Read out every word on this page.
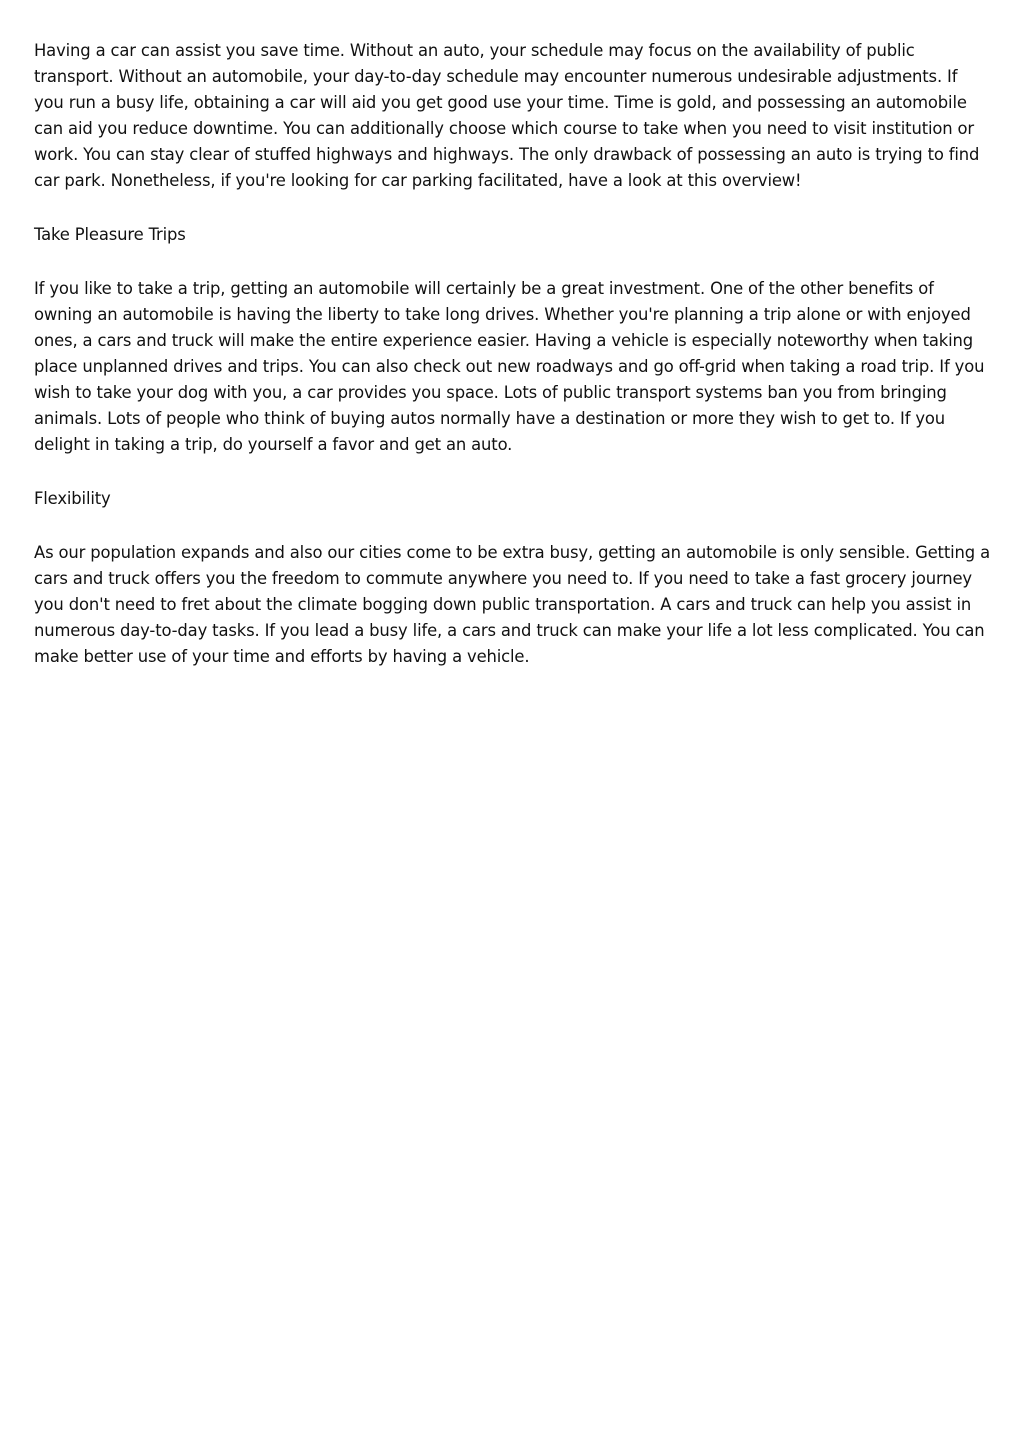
Having a car can assist you save time. Without an auto, your schedule may focus on the availability of public transport. Without an automobile, your day-to-day schedule may encounter numerous undesirable adjustments. If you run a busy life, obtaining a car will aid you get good use your time. Time is gold, and possessing an automobile can aid you reduce downtime. You can additionally choose which course to take when you need to visit institution or work. You can stay clear of stuffed highways and highways. The only drawback of possessing an auto is trying to find car park. Nonetheless, if you're looking for car parking facilitated, have a look at this overview!

Take Pleasure Trips

If you like to take a trip, getting an automobile will certainly be a great investment. One of the other benefits of owning an automobile is having the liberty to take long drives. Whether you're planning a trip alone or with enjoyed ones, a cars and truck will make the entire experience easier. Having a vehicle is especially noteworthy when taking place unplanned drives and trips. You can also check out new roadways and go off-grid when taking a road trip. If you wish to take your dog with you, a car provides you space. Lots of public transport systems ban you from bringing animals. Lots of people who think of buying autos normally have a destination or more they wish to get to. If you delight in taking a trip, do yourself a favor and get an auto.

Flexibility

As our population expands and also our cities come to be extra busy, getting an automobile is only sensible. Getting a cars and truck offers you the freedom to commute anywhere you need to. If you need to take a fast grocery journey you don't need to fret about the climate bogging down public transportation. A cars and truck can help you assist in numerous day-to-day tasks. If you lead a busy life, a cars and truck can make your life a lot less complicated. You can make better use of your time and efforts by having a vehicle.
